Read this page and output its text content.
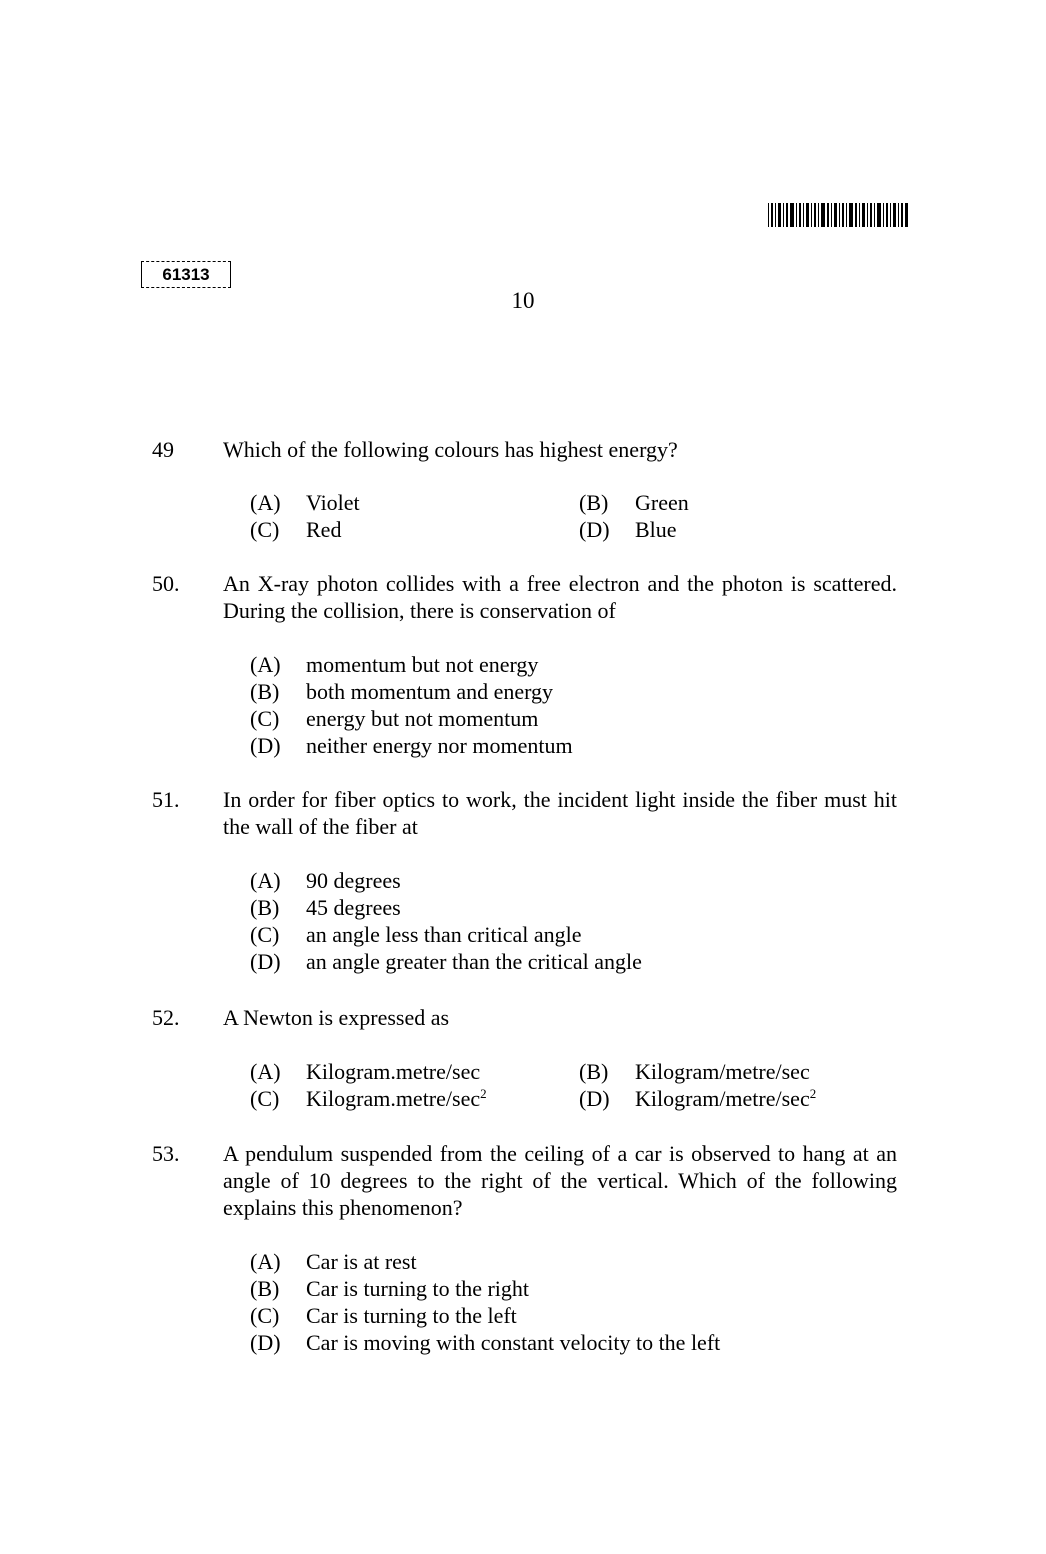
61313
10
49 Which of the following colours has highest energy?
(A) Violet	(B) Green
(C) Red	(D) Blue
50. An X-ray photon collides with a free electron and the photon is scattered. During the collision, there is conservation of
(A) momentum but not energy
(B) both momentum and energy
(C) energy but not momentum
(D) neither energy nor momentum
51. In order for fiber optics to work, the incident light inside the fiber must hit the wall of the fiber at
(A) 90 degrees
(B) 45 degrees
(C) an angle less than critical angle
(D) an angle greater than the critical angle
52. A Newton is expressed as
(A) Kilogram.metre/sec	(B) Kilogram/metre/sec
(C) $Kilogram.metre/\sec^2$	(D) Kilogram/$metre/\sec^2$
53. A pendulum suspended from the ceiling of a car is observed to hang at an angle of 10 degrees to the right of the vertical. Which of the following explains this phenomenon?
(A) Car is at rest
(B) Car is turning to the right
(C) Car is turning to the left
(D) Car is moving with constant velocity to the left
